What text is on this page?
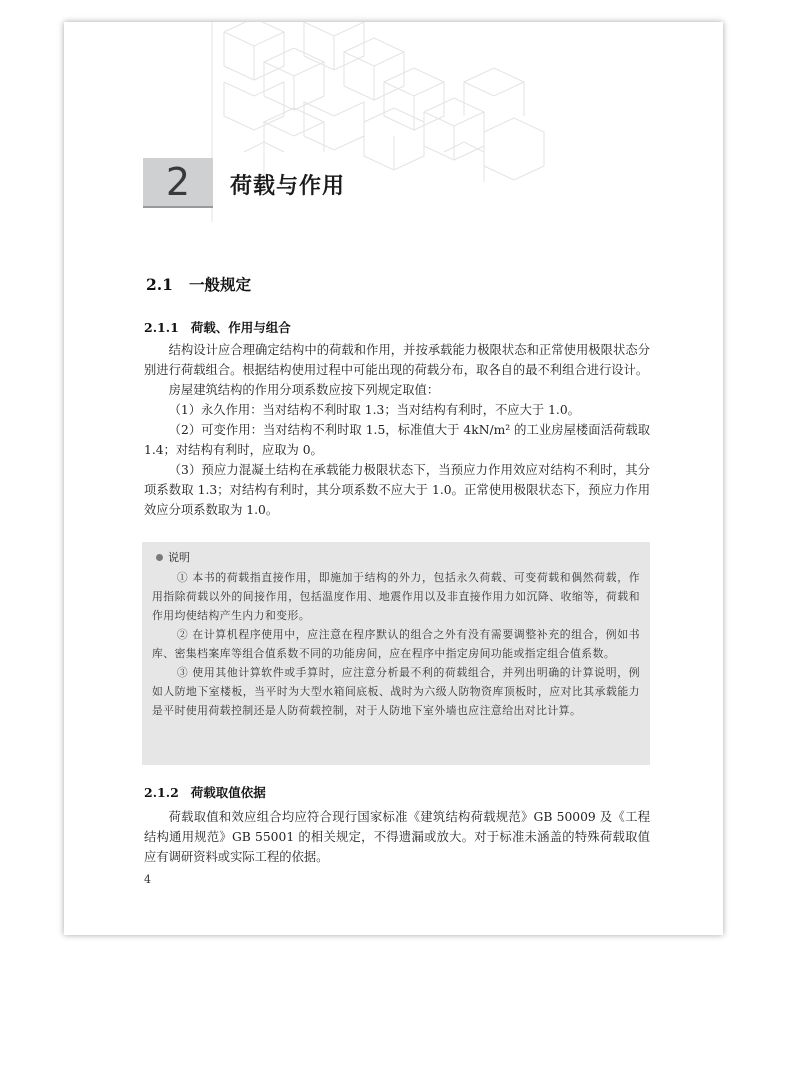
2	荷载与作用
2.1 一般规定
2.1.1 荷载、作用与组合

结构设计应合理确定结构中的荷载和作用，并按承载能力极限状态和正常使用极限状态分别进行荷载组合。根据结构使用过程中可能出现的荷载分布，取各自的最不利组合进行设计。

房屋建筑结构的作用分项系数应按下列规定取值：

（1）永久作用：当对结构不利时取 1.3；当对结构有利时，不应大于 1.0。

（2）可变作用：当对结构不利时取 1.5，标准值大于 4kN/m² 的工业房屋楼面活荷载取 1.4；对结构有利时，应取为 0。

（3）预应力混凝土结构在承载能力极限状态下，当预应力作用效应对结构不利时，其分项系数取 1.3；对结构有利时，其分项系数不应大于 1.0。正常使用极限状态下，预应力作用效应分项系数取为 1.0。

说明

① 本书的荷载指直接作用，即施加于结构的外力，包括永久荷载、可变荷载和偶然荷载，作用指除荷载以外的间接作用，包括温度作用、地震作用以及非直接作用力如沉降、收缩等，荷载和作用均使结构产生内力和变形。

② 在计算机程序使用中，应注意在程序默认的组合之外有没有需要调整补充的组合，例如书库、密集档案库等组合值系数不同的功能房间，应在程序中指定房间功能或指定组合值系数。

③ 使用其他计算软件或手算时，应注意分析最不利的荷载组合，并列出明确的计算说明，例如人防地下室楼板，当平时为大型水箱间底板、战时为六级人防物资库顶板时，应对比其承载能力是平时使用荷载控制还是人防荷载控制，对于人防地下室外墙也应注意给出对比计算。

2.1.2 荷载取值依据

荷载取值和效应组合均应符合现行国家标准《建筑结构荷载规范》GB 50009 及《工程结构通用规范》GB 55001 的相关规定，不得遗漏或放大。对于标准未涵盖的特殊荷载取值应有调研资料或实际工程的依据。

4
